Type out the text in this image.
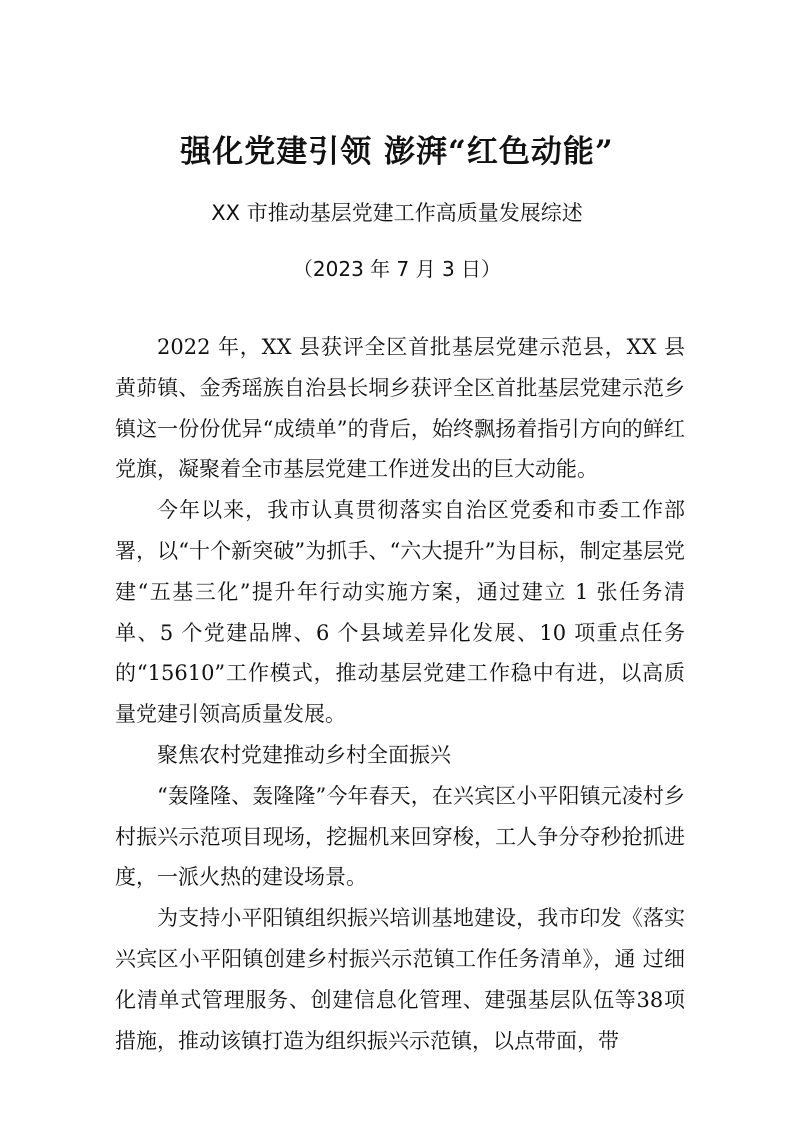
强化党建引领 澎湃“红色动能”
XX 市推动基层党建工作高质量发展综述
（2023 年 7 月 3 日）

2022 年，XX 县获评全区首批基层党建示范县，XX 县黄茆镇、金秀瑶族自治县长垌乡获评全区首批基层党建示范乡镇这一份份优异“成绩单”的背后，始终飘扬着指引方向的鲜红党旗，凝聚着全市基层党建工作迸发出的巨大动能。

今年以来，我市认真贯彻落实自治区党委和市委工作部署，以“十个新突破”为抓手、“六大提升”为目标，制定基层党建“五基三化”提升年行动实施方案，通过建立 1 张任务清单、5 个党建品牌、6 个县域差异化发展、10 项重点任务的“15610”工作模式，推动基层党建工作稳中有进，以高质量党建引领高质量发展。

聚焦农村党建推动乡村全面振兴

“轰隆隆、轰隆隆”今年春天，在兴宾区小平阳镇元凌村乡村振兴示范项目现场，挖掘机来回穿梭，工人争分夺秒抢抓进度，一派火热的建设场景。

为支持小平阳镇组织振兴培训基地建设，我市印发《落实兴宾区小平阳镇创建乡村振兴示范镇工作任务清单》，通 过细化清单式管理服务、创建信息化管理、建强基层队伍等38项措施，推动该镇打造为组织振兴示范镇，以点带面，带
